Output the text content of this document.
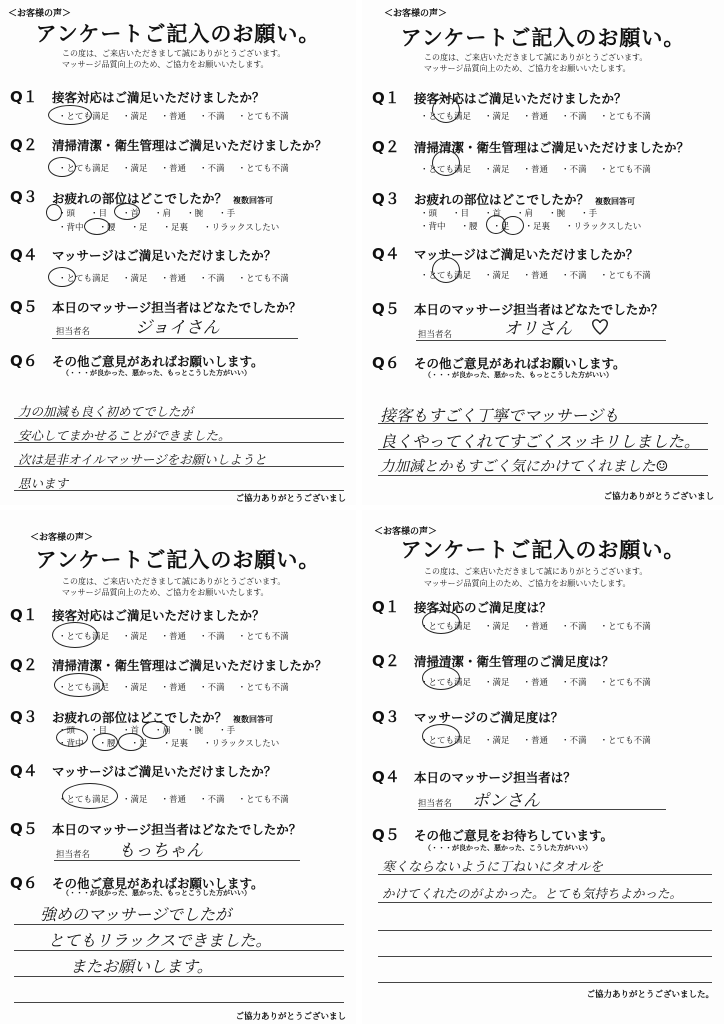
＜お客様の声＞
アンケートご記入のお願い。
この度は、ご来店いただきまして誠にありがとうございます。
マッサージ品質向上のため、ご協力をお願いいたします。
Q１ 接客対応はご満足いただけましたか？
・とても満足 ・満足 ・普通 ・不満 ・とても不満
Q２ 清掃清潔・衛生管理はご満足いただけましたか？
・とても満足 ・満足 ・普通 ・不満 ・とても不満
Q３ お疲れの部位はどこでしたか？ 複数回答可
・頭 ・目 ・首 ・肩 ・腕 ・手
・背中 ・腰 ・足 ・足裏 ・リラックスしたい
Q４ マッサージはご満足いただけましたか？
・とても満足 ・満足 ・普通 ・不満 ・とても不満
Q５ 本日のマッサージ担当者はどなたでしたか？
担当者名	ジョイさん
Q６ その他ご意見があればお願いします。
（・・・が良かった、悪かった、もっとこうした方がいい）
力の加減も良く初めてでしたが
安心してまかせることができました。
次は是非オイルマッサージをお願いしようと
思います
ご協力ありがとうございまし
＜お客様の声＞
アンケートご記入のお願い。
この度は、ご来店いただきまして誠にありがとうございます。
マッサージ品質向上のため、ご協力をお願いいたします。
Q１ 接客対応はご満足いただけましたか？
・とても満足 ・満足 ・普通 ・不満 ・とても不満
Q２ 清掃清潔・衛生管理はご満足いただけましたか？
・とても満足 ・満足 ・普通 ・不満 ・とても不満
Q３ お疲れの部位はどこでしたか？ 複数回答可
・頭 ・目 ・首 ・肩 ・腕 ・手
・背中 ・腰 ・足 ・足裏 ・リラックスしたい
Q４ マッサージはご満足いただけましたか？
・とても満足 ・満足 ・普通 ・不満 ・とても不満
Q５ 本日のマッサージ担当者はどなたでしたか？
担当者名	オリさん
Q６ その他ご意見があればお願いします。
（・・・が良かった、悪かった、もっとこうした方がいい）
接客もすごく丁寧でマッサージも
良くやってくれてすごくスッキリしました。
力加減とかもすごく気にかけてくれました☺
ご協力ありがとうございまし
＜お客様の声＞
アンケートご記入のお願い。
この度は、ご来店いただきまして誠にありがとうございます。
マッサージ品質向上のため、ご協力をお願いいたします。
Q１ 接客対応はご満足いただけましたか？
・とても満足 ・満足 ・普通 ・不満 ・とても不満
Q２ 清掃清潔・衛生管理はご満足いただけましたか？
・とても満足 ・満足 ・普通 ・不満 ・とても不満
Q３ お疲れの部位はどこでしたか？ 複数回答可
・頭 ・目 ・首 ・肩 ・腕 ・手
・背中 ・腰 ・足 ・足裏 ・リラックスしたい
Q４ マッサージはご満足いただけましたか？
・とても満足 ・満足 ・普通 ・不満 ・とても不満
Q５ 本日のマッサージ担当者はどなたでしたか？
担当者名 もっちゃん
Q６ その他ご意見があればお願いします。
（・・・が良かった、悪かった、もっとこうした方がいい）
強めのマッサージでしたが
とてもリラックスできました。
またお願いします。
ご協力ありがとうございまし
＜お客様の声＞
アンケートご記入のお願い。
この度は、ご来店いただきまして誠にありがとうございます。
マッサージ品質向上のため、ご協力をお願いいたします。
Q１ 接客対応のご満足度は？
・とても満足 ・満足 ・普通 ・不満 ・とても不満
Q２ 清掃清潔・衛生管理のご満足度は？
・とても満足 ・満足 ・普通 ・不満 ・とても不満
Q３ マッサージのご満足度は？
・とても満足 ・満足 ・普通 ・不満 ・とても不満
Q４ 本日のマッサージ担当者は？
担当者名 ポンさん
Q５ その他ご意見をお待ちしています。
（・・・が良かった、悪かった、こうした方がいい）
寒くならないように丁ねいにタオルを
かけてくれたのがよかった。とても気持ちよかった。
ご協力ありがとうございました。
